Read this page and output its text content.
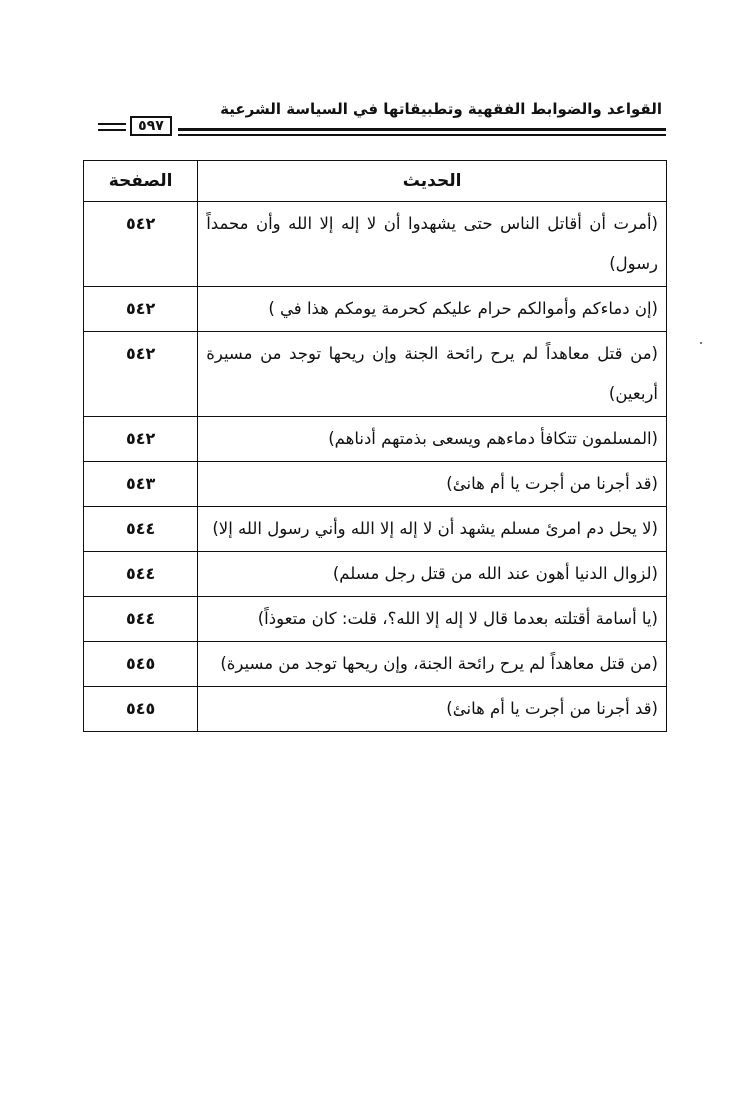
القواعد والضوابط الفقهية وتطبيقاتها في السياسة الشرعية
٥٩٧
الحديث	الصفحة
(أمرت أن أقاتل الناس حتى يشهدوا أن لا إله إلا الله وأن محمداً رسول)	٥٤٢
(إن دماءكم وأموالكم حرام عليكم كحرمة يومكم هذا في )	٥٤٢
(من قتل معاهداً لم يرح رائحة الجنة وإن ريحها توجد من مسيرة أربعين)	٥٤٢
(المسلمون تتكافأ دماءهم ويسعى بذمتهم أدناهم)	٥٤٢
(قد أجرنا من أجرت يا أم هانئ)	٥٤٣
(لا يحل دم امرئ مسلم يشهد أن لا إله إلا الله وأني رسول الله إلا)	٥٤٤
(لزوال الدنيا أهون عند الله من قتل رجل مسلم)	٥٤٤
(يا أسامة أقتلته بعدما قال لا إله إلا الله؟، قلت: كان متعوذاً)	٥٤٤
(من قتل معاهداً لم يرح رائحة الجنة، وإن ريحها توجد من مسيرة)	٥٤٥
(قد أجرنا من أجرت يا أم هانئ)	٥٤٥
